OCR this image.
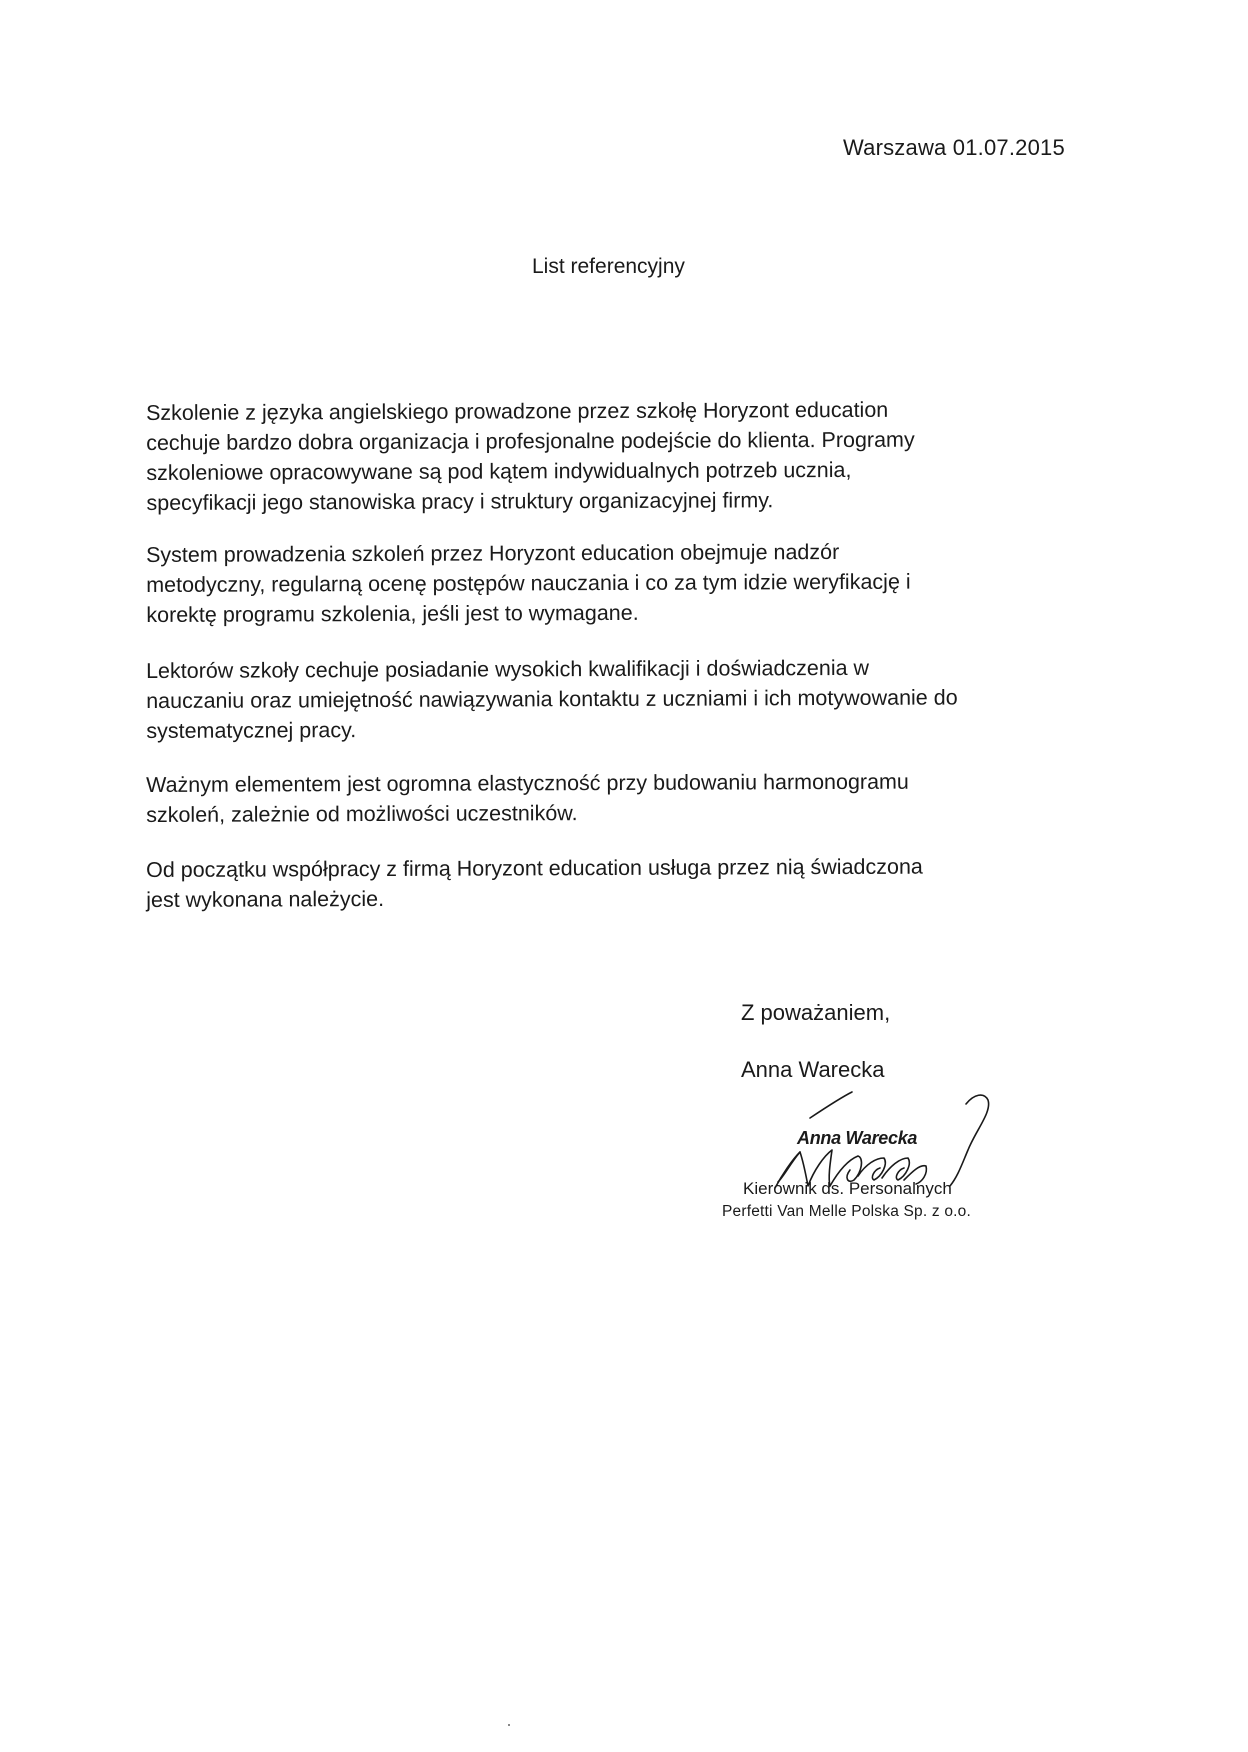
Warszawa 01.07.2015
List referencyjny
Szkolenie z języka angielskiego prowadzone przez szkołę Horyzont education
cechuje bardzo dobra organizacja i profesjonalne podejście do klienta. Programy
szkoleniowe opracowywane są pod kątem indywidualnych potrzeb ucznia,
specyfikacji jego stanowiska pracy i struktury organizacyjnej firmy.
System prowadzenia szkoleń przez Horyzont education obejmuje nadzór
metodyczny, regularną ocenę postępów nauczania i co za tym idzie weryfikację i
korektę programu szkolenia, jeśli jest to wymagane.
Lektorów szkoły cechuje posiadanie wysokich kwalifikacji i doświadczenia w
nauczaniu oraz umiejętność nawiązywania kontaktu z uczniami i ich motywowanie do
systematycznej pracy.
Ważnym elementem jest ogromna elastyczność przy budowaniu harmonogramu
szkoleń, zależnie od możliwości uczestników.
Od początku współpracy z firmą Horyzont education usługa przez nią świadczona
jest wykonana należycie.
Z poważaniem,
Anna Warecka
Anna Warecka
Kierownik ds. Personalnych
Perfetti Van Melle Polska Sp. z o.o.
